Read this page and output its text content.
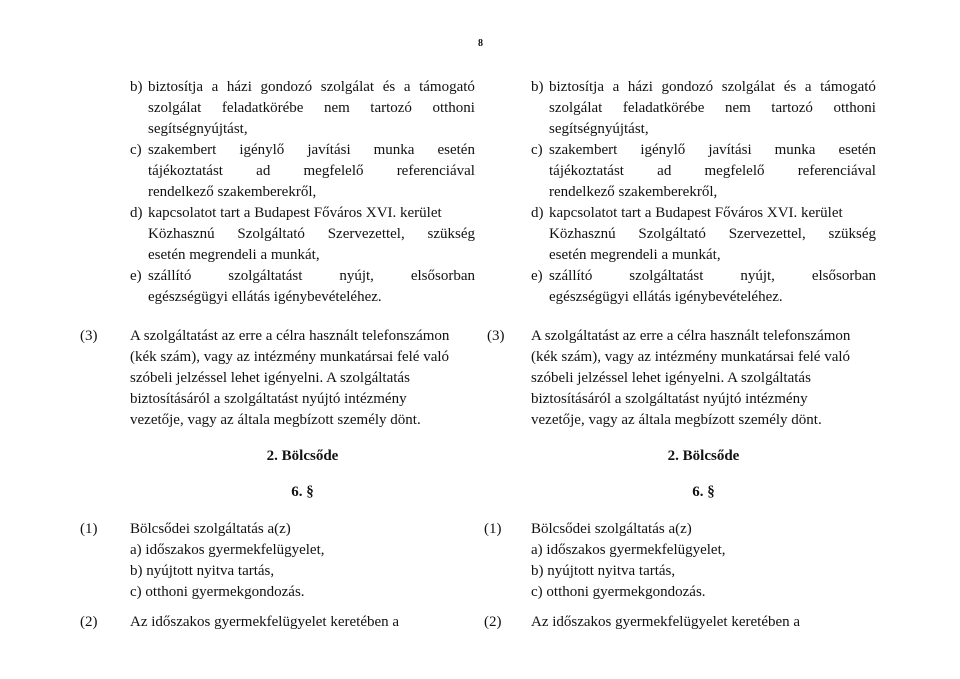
8
b) biztosítja a házi gondozó szolgálat és a támogató
szolgálat feladatkörébe nem tartozó otthoni
segítségnyújtást,
c) szakembert igénylő javítási munka esetén
tájékoztatást ad megfelelő referenciával
rendelkező szakemberekről,
d) kapcsolatot tart a Budapest Főváros XVI. kerület
Közhasznú Szolgáltató Szervezettel, szükség
esetén megrendeli a munkát,
e) szállító szolgáltatást nyújt, elsősorban
egészségügyi ellátás igénybevételéhez.
A szolgáltatást az erre a célra használt telefonszámon
(kék szám), vagy az intézmény munkatársai felé való
szóbeli jelzéssel lehet igényelni. A szolgáltatás
biztosításáról a szolgáltatást nyújtó intézmény
vezetője, vagy az általa megbízott személy dönt.
2. Bölcsőde
6. §
Bölcsődei szolgáltatás a(z)
a) időszakos gyermekfelügyelet,
b) nyújtott nyitva tartás,
c) otthoni gyermekgondozás.
Az időszakos gyermekfelügyelet keretében a
(3)
(1)
(2)
b) biztosítja a házi gondozó szolgálat és a támogató
szolgálat feladatkörébe nem tartozó otthoni
segítségnyújtást,
c) szakembert igénylő javítási munka esetén
tájékoztatást ad megfelelő referenciával
rendelkező szakemberekről,
d) kapcsolatot tart a Budapest Főváros XVI. kerület
Közhasznú Szolgáltató Szervezettel, szükség
esetén megrendeli a munkát,
e) szállító szolgáltatást nyújt, elsősorban
egészségügyi ellátás igénybevételéhez.
A szolgáltatást az erre a célra használt telefonszámon
(kék szám), vagy az intézmény munkatársai felé való
szóbeli jelzéssel lehet igényelni. A szolgáltatás
biztosításáról a szolgáltatást nyújtó intézmény
vezetője, vagy az általa megbízott személy dönt.
2. Bölcsőde
6. §
Bölcsődei szolgáltatás a(z)
a) időszakos gyermekfelügyelet,
b) nyújtott nyitva tartás,
c) otthoni gyermekgondozás.
Az időszakos gyermekfelügyelet keretében a
(3)
(1)
(2)
